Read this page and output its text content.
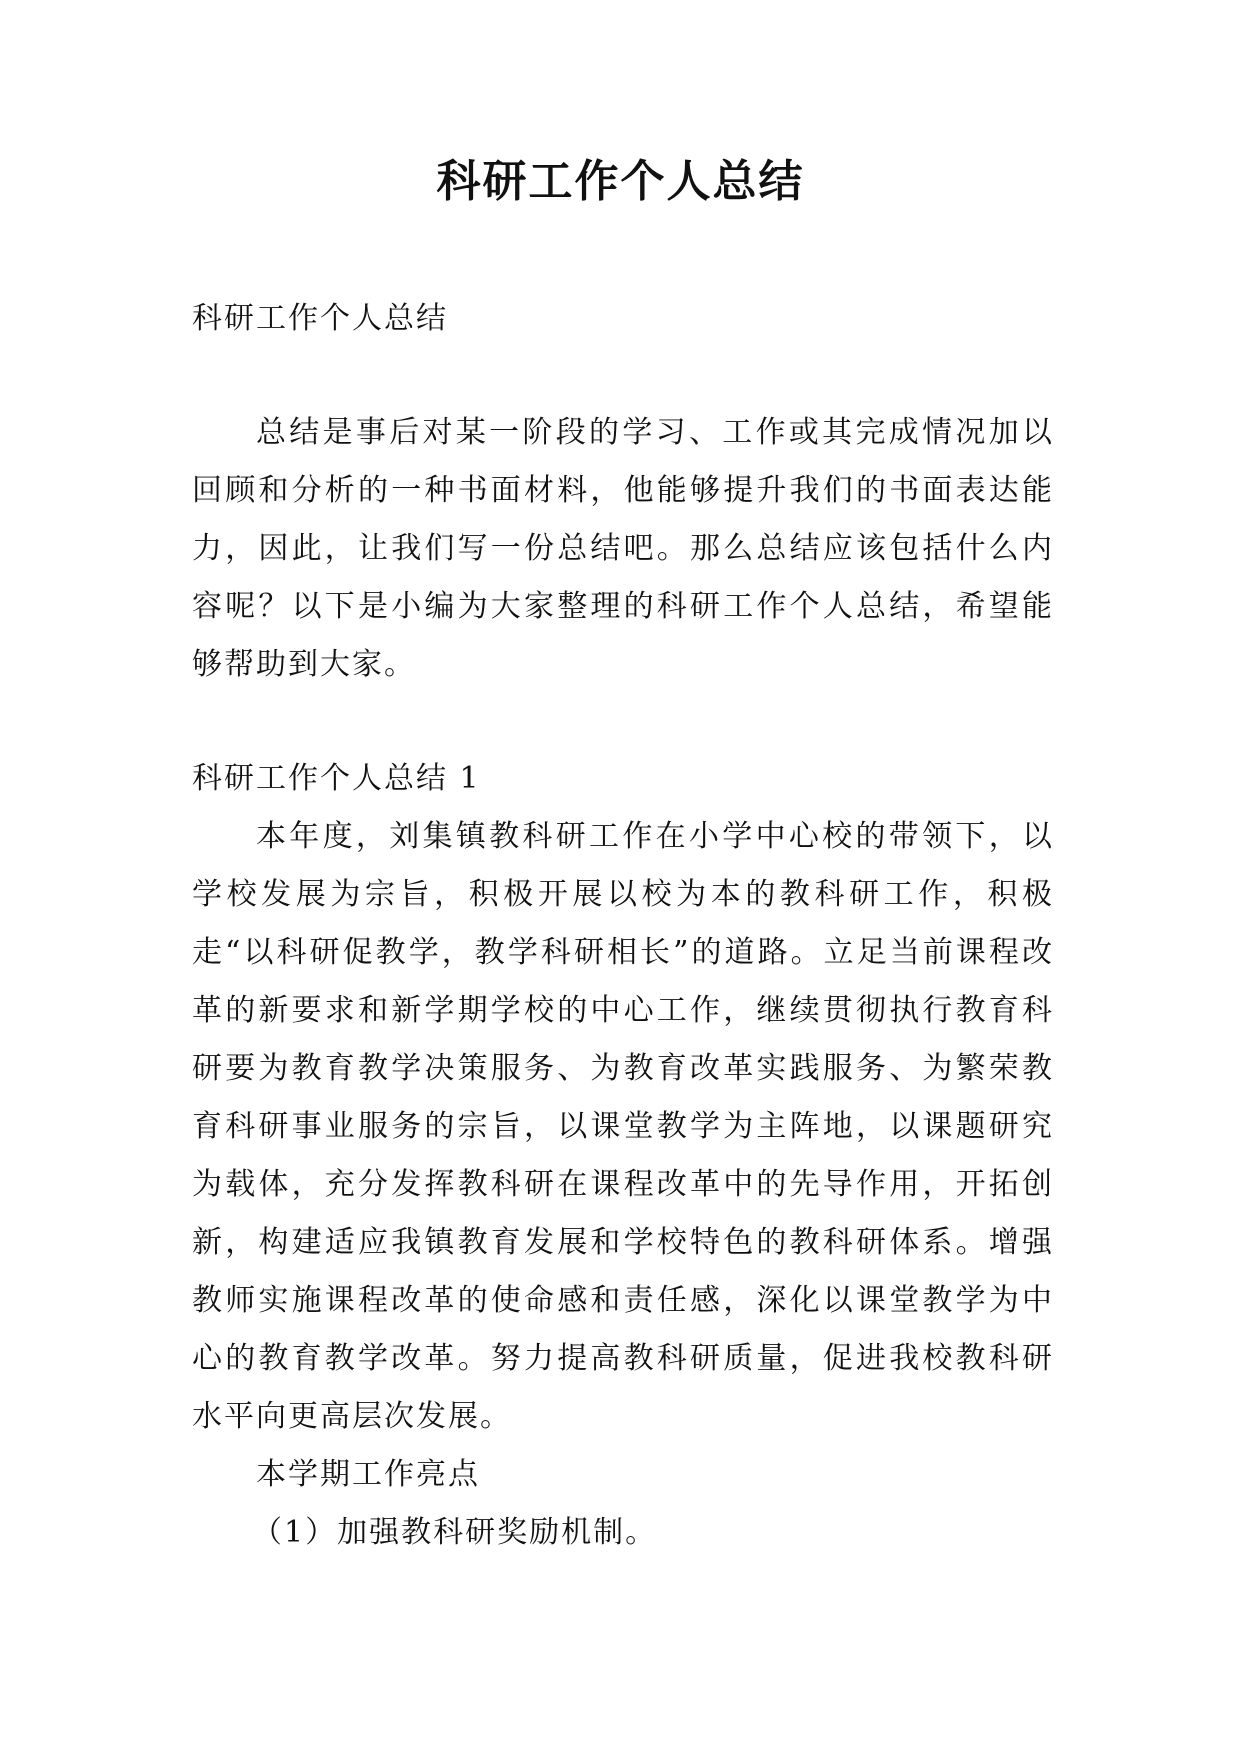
科研工作个人总结

科研工作个人总结

总结是事后对某一阶段的学习、工作或其完成情况加以回顾和分析的一种书面材料，他能够提升我们的书面表达能力，因此，让我们写一份总结吧。那么总结应该包括什么内容呢？以下是小编为大家整理的科研工作个人总结，希望能够帮助到大家。

科研工作个人总结 1

本年度，刘集镇教科研工作在小学中心校的带领下，以学校发展为宗旨，积极开展以校为本的教科研工作，积极走“以科研促教学，教学科研相长”的道路。立足当前课程改革的新要求和新学期学校的中心工作，继续贯彻执行教育科研要为教育教学决策服务、为教育改革实践服务、为繁荣教育科研事业服务的宗旨，以课堂教学为主阵地，以课题研究为载体，充分发挥教科研在课程改革中的先导作用，开拓创新，构建适应我镇教育发展和学校特色的教科研体系。增强教师实施课程改革的使命感和责任感，深化以课堂教学为中心的教育教学改革。努力提高教科研质量，促进我校教科研水平向更高层次发展。

本学期工作亮点

（1）加强教科研奖励机制。
